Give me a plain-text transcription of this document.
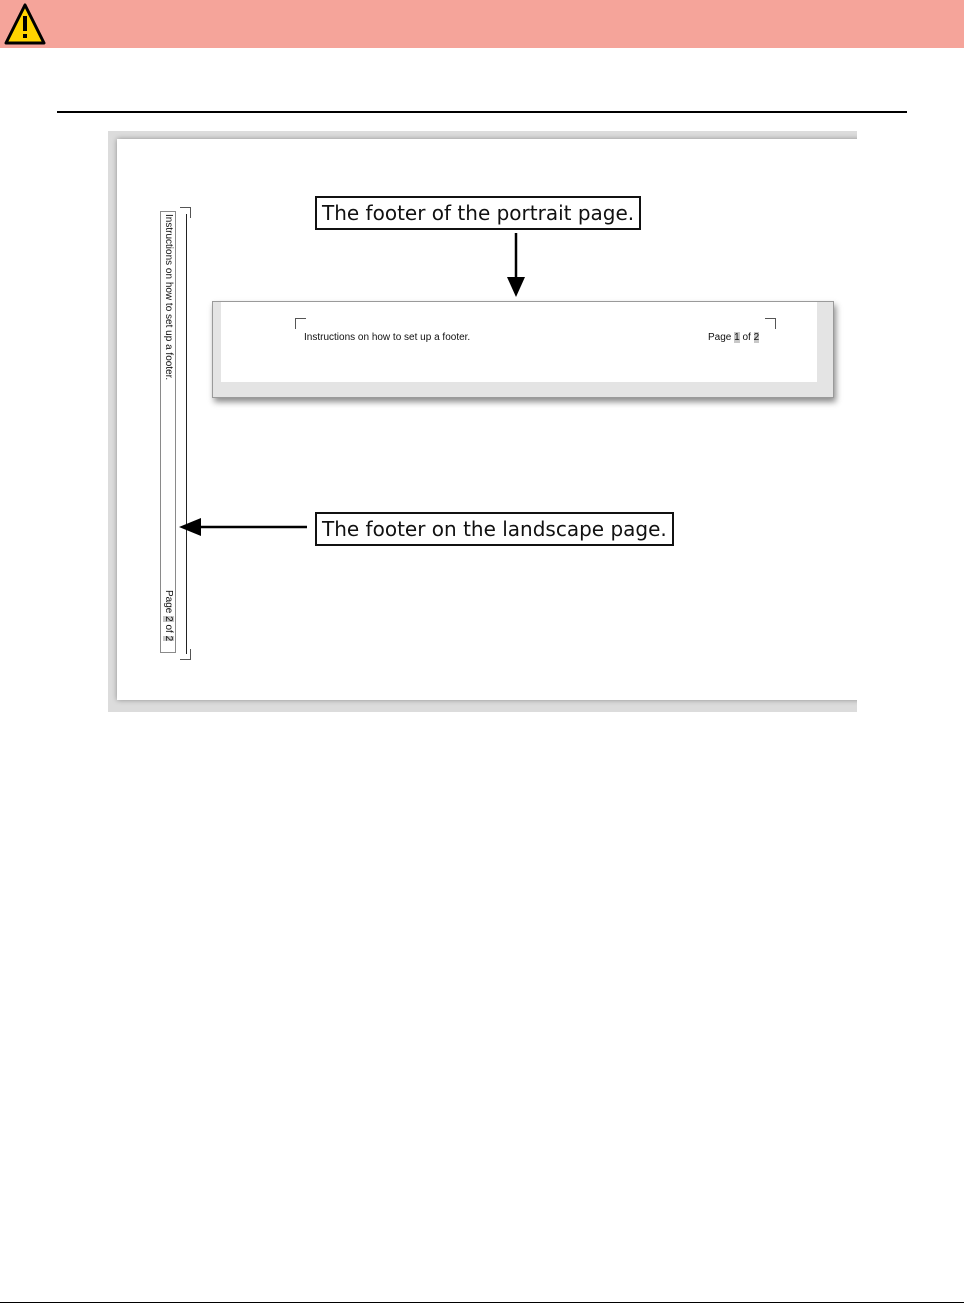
Instructions on how to set up a footer.
Page 2 of 2
The footer of the portrait page.
Instructions on how to set up a footer.	Page 1 of 2
The footer on the landscape page.
